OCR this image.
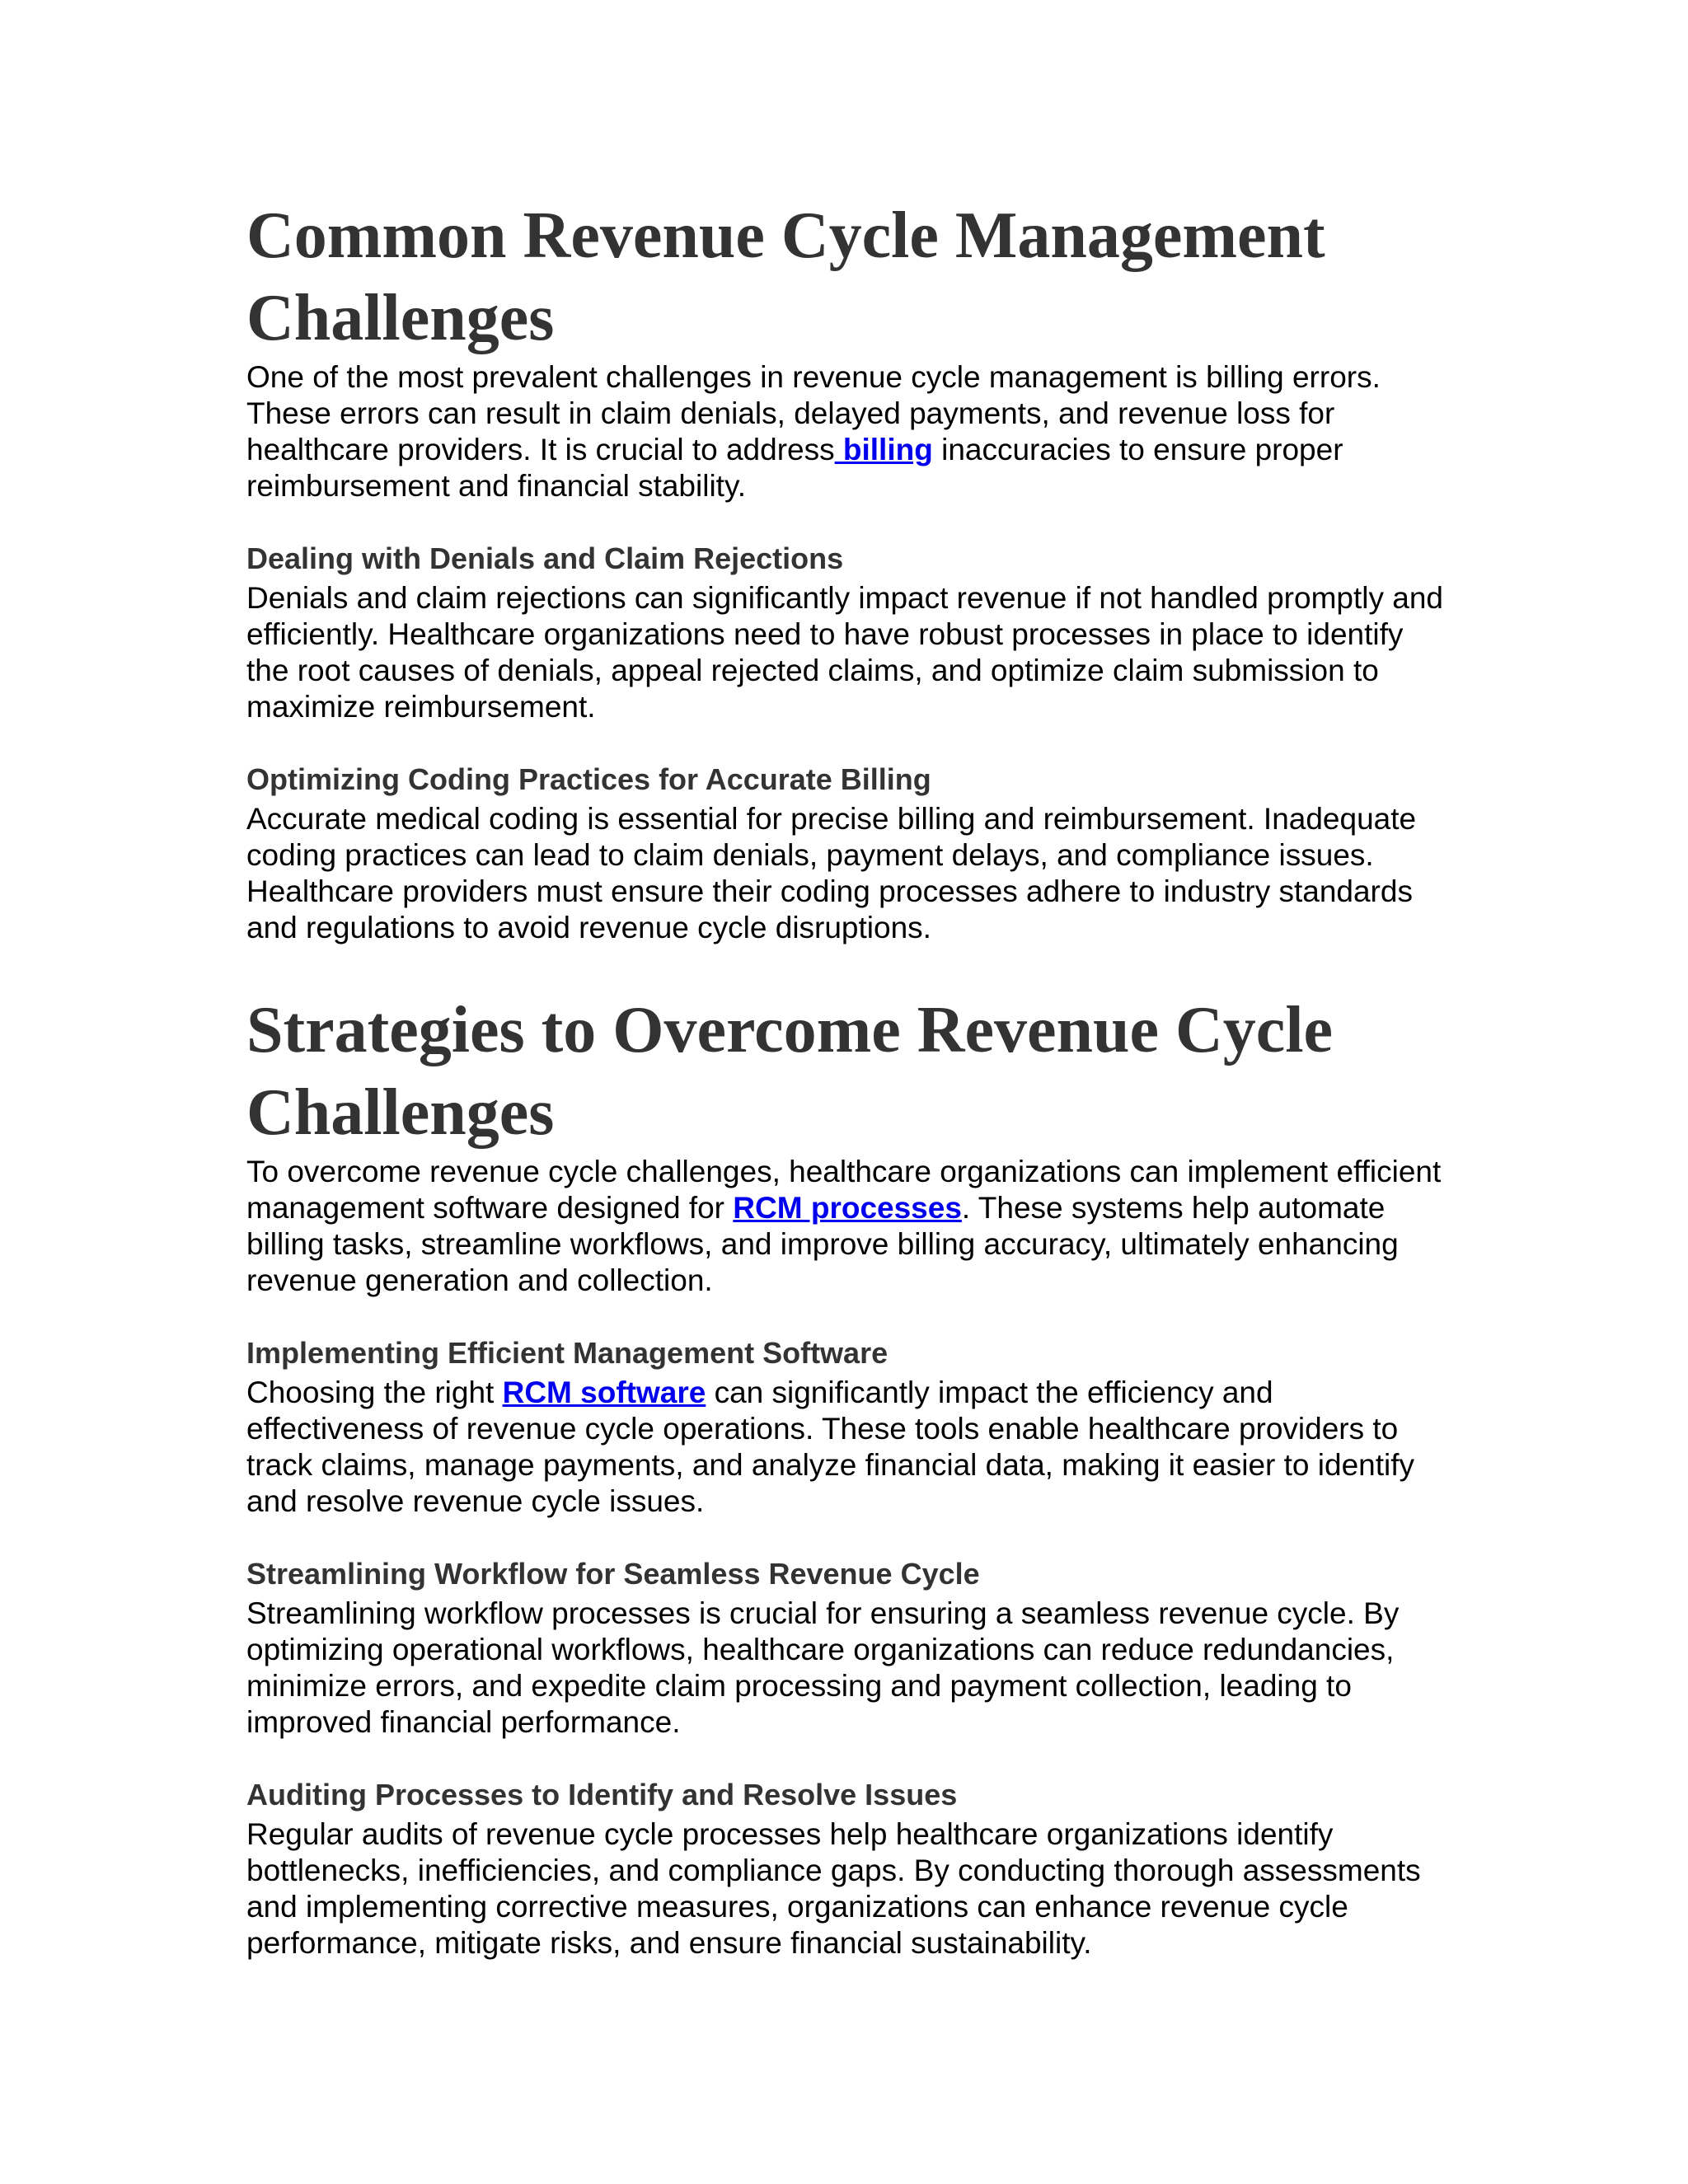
Common Revenue Cycle Management Challenges

One of the most prevalent challenges in revenue cycle management is billing errors. These errors can result in claim denials, delayed payments, and revenue loss for healthcare providers. It is crucial to address billing inaccuracies to ensure proper reimbursement and financial stability.

Dealing with Denials and Claim Rejections

Denials and claim rejections can significantly impact revenue if not handled promptly and efficiently. Healthcare organizations need to have robust processes in place to identify the root causes of denials, appeal rejected claims, and optimize claim submission to maximize reimbursement.

Optimizing Coding Practices for Accurate Billing

Accurate medical coding is essential for precise billing and reimbursement. Inadequate coding practices can lead to claim denials, payment delays, and compliance issues. Healthcare providers must ensure their coding processes adhere to industry standards and regulations to avoid revenue cycle disruptions.

Strategies to Overcome Revenue Cycle Challenges

To overcome revenue cycle challenges, healthcare organizations can implement efficient management software designed for RCM processes. These systems help automate billing tasks, streamline workflows, and improve billing accuracy, ultimately enhancing revenue generation and collection.

Implementing Efficient Management Software

Choosing the right RCM software can significantly impact the efficiency and effectiveness of revenue cycle operations. These tools enable healthcare providers to track claims, manage payments, and analyze financial data, making it easier to identify and resolve revenue cycle issues.

Streamlining Workflow for Seamless Revenue Cycle

Streamlining workflow processes is crucial for ensuring a seamless revenue cycle. By optimizing operational workflows, healthcare organizations can reduce redundancies, minimize errors, and expedite claim processing and payment collection, leading to improved financial performance.

Auditing Processes to Identify and Resolve Issues

Regular audits of revenue cycle processes help healthcare organizations identify bottlenecks, inefficiencies, and compliance gaps. By conducting thorough assessments and implementing corrective measures, organizations can enhance revenue cycle performance, mitigate risks, and ensure financial sustainability.
